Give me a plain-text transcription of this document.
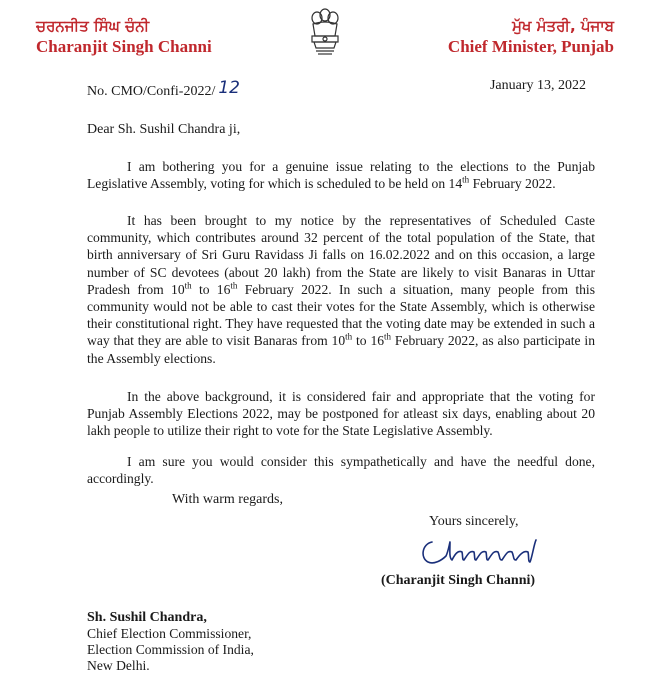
ਚਰਨਜੀਤ ਸਿੰਘ ਚੰਨੀ
Charanjit Singh Channi
ਮੁੱਖ ਮੰਤਰੀ, ਪੰਜਾਬ
Chief Minister, Punjab
No. CMO/Confi-2022/ 12	January 13, 2022
Dear Sh. Sushil Chandra ji,

I am bothering you for a genuine issue relating to the elections to the Punjab Legislative Assembly, voting for which is scheduled to be held on 14th February 2022.

It has been brought to my notice by the representatives of Scheduled Caste community, which contributes around 32 percent of the total population of the State, that birth anniversary of Sri Guru Ravidass Ji falls on 16.02.2022 and on this occasion, a large number of SC devotees (about 20 lakh) from the State are likely to visit Banaras in Uttar Pradesh from 10th to 16th February 2022. In such a situation, many people from this community would not be able to cast their votes for the State Assembly, which is otherwise their constitutional right. They have requested that the voting date may be extended in such a way that they are able to visit Banaras from 10th to 16th February 2022, as also participate in the Assembly elections.

In the above background, it is considered fair and appropriate that the voting for Punjab Assembly Elections 2022, may be postponed for atleast six days, enabling about 20 lakh people to utilize their right to vote for the State Legislative Assembly.

I am sure you would consider this sympathetically and have the needful done, accordingly.

With warm regards,
Yours sincerely,
(Charanjit Singh Channi)
Sh. Sushil Chandra,
Chief Election Commissioner,
Election Commission of India,
New Delhi.
